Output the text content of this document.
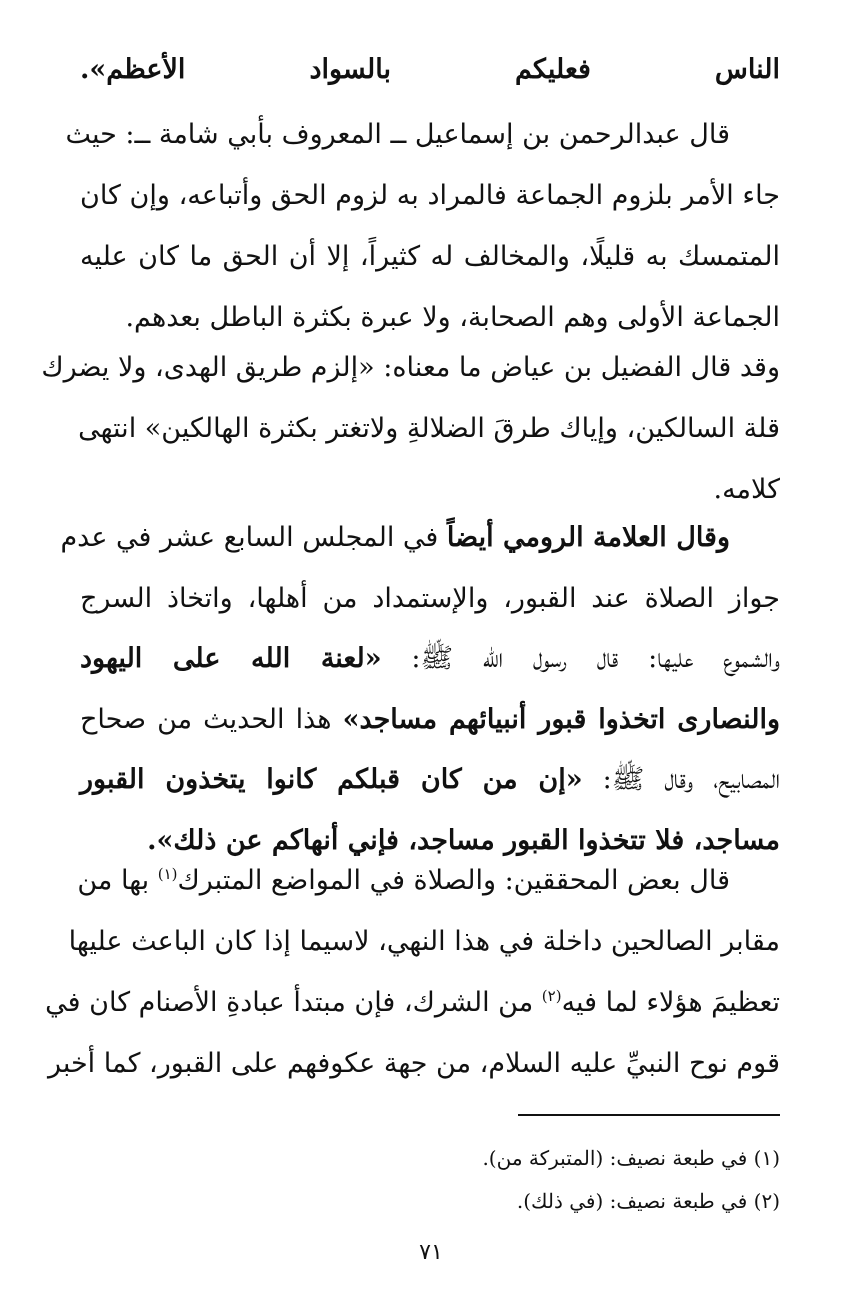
الناس فعليكم بالسواد الأعظم».
قال عبدالرحمن بن إسماعيل ــ المعروف بأبي شامة ــ: حيث
جاء الأمر بلزوم الجماعة فالمراد به لزوم الحق وأتباعه، وإن كان
المتمسك به قليلًا، والمخالف له كثيراً، إلا أن الحق ما كان عليه
الجماعة الأولى وهم الصحابة، ولا عبرة بكثرة الباطل بعدهم.
وقد قال الفضيل بن عياض ما معناه: «إلزم طريق الهدى، ولا يضرك
قلة السالكين، وإياك طرقَ الضلالةِ ولاتغتر بكثرة الهالكين» انتهى
كلامه.
وقال العلامة الرومي أيضاً في المجلس السابع عشر في عدم
جواز الصلاة عند القبور، والإستمداد من أهلها، واتخاذ السرج
والشموع عليها: قال رسول الله ﷺ: «لعنة الله على اليهود
والنصارى اتخذوا قبور أنبيائهم مساجد» هذا الحديث من صحاح
المصابيح، وقال ﷺ: «إن من كان قبلكم كانوا يتخذون القبور
مساجد، فلا تتخذوا القبور مساجد، فإني أنهاكم عن ذلك».
قال بعض المحققين: والصلاة في المواضع المتبرك$^{(١)}$ بها من
مقابر الصالحين داخلة في هذا النهي، لاسيما إذا كان الباعث عليها
تعظيمَ هؤلاء لما فيه$^{(٢)}$ من الشرك، فإن مبتدأ عبادةِ الأصنام كان في
قوم نوح النبيِّ عليه السلام، من جهة عكوفهم على القبور، كما أخبر
(١) في طبعة نصيف: (المتبركة من).
(٢) في طبعة نصيف: (في ذلك).
٧١
